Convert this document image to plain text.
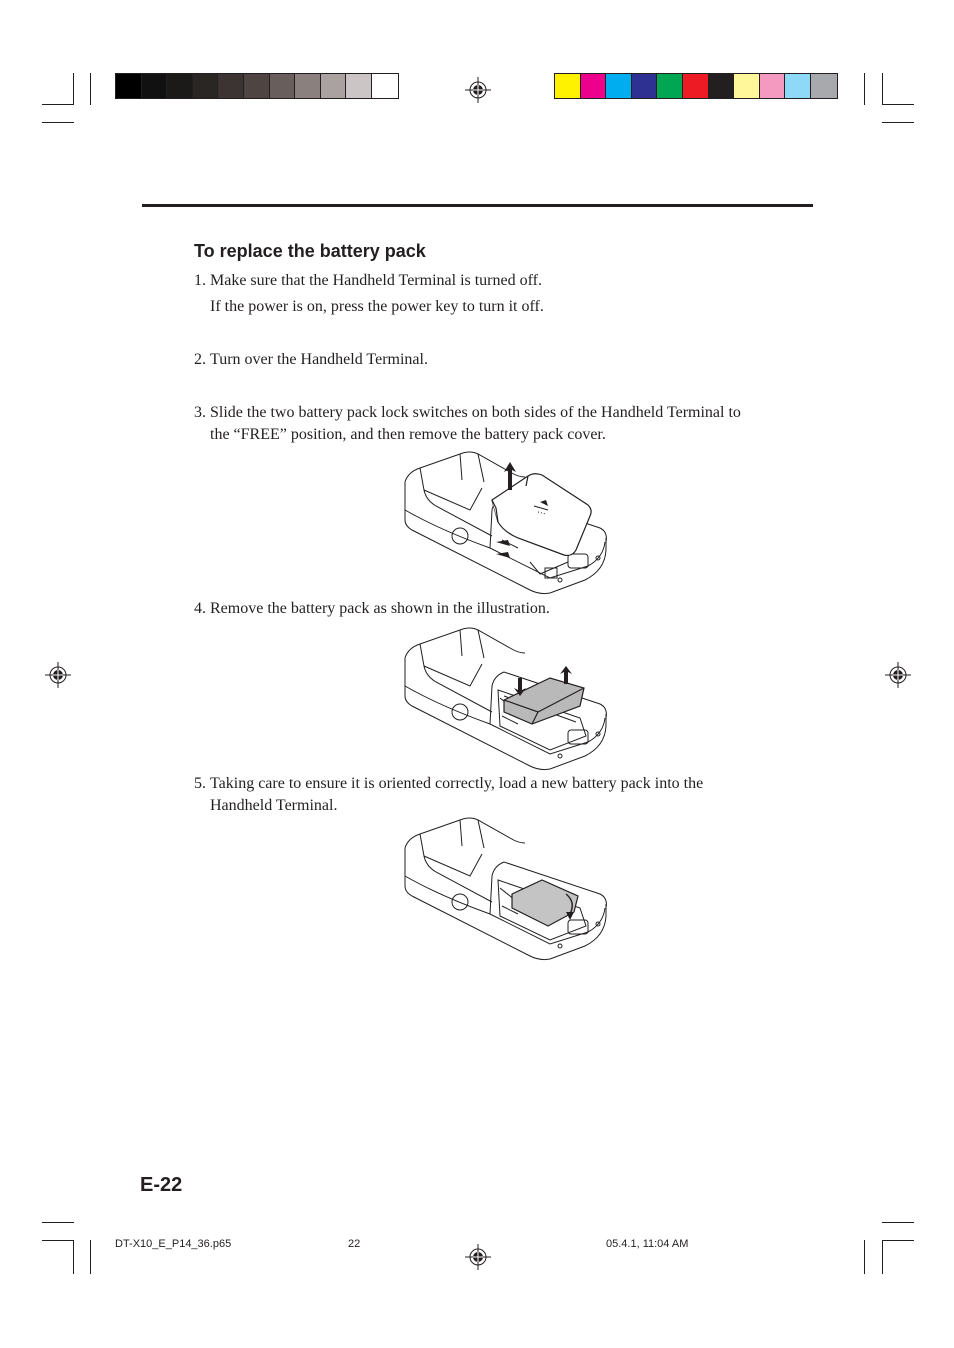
To replace the battery pack
1. Make sure that the Handheld Terminal is turned off.
If the power is on, press the power key to turn it off.
2. Turn over the Handheld Terminal.
3. Slide the two battery pack lock switches on both sides of the Handheld Terminal to
the “FREE” position, and then remove the battery pack cover.
4. Remove the battery pack as shown in the illustration.
5. Taking care to ensure it is oriented correctly, load a new battery pack into the
Handheld Terminal.
E-22
DT-X10_E_P14_36.p65	22	05.4.1, 11:04 AM
